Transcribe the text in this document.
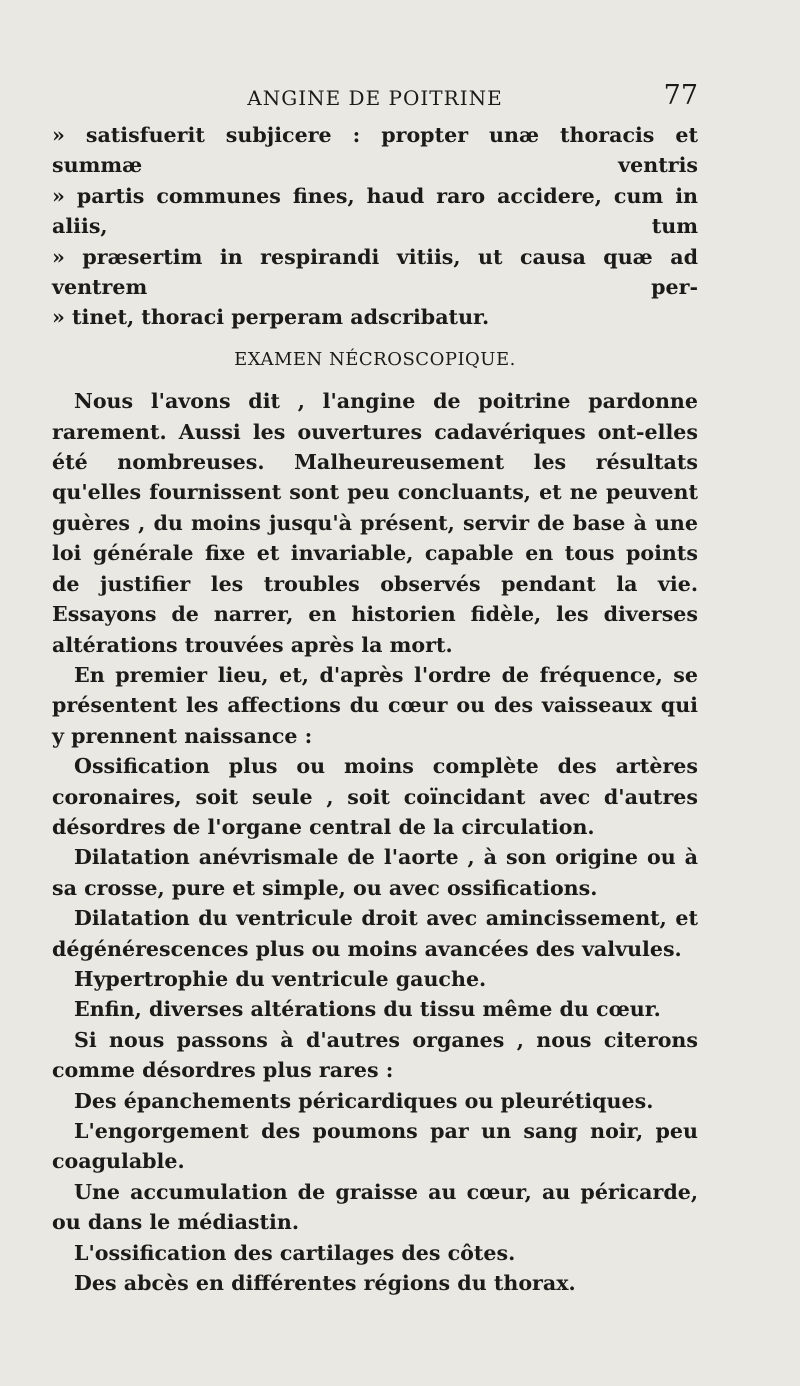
ANGINE DE POITRINE	77

» satisfuerit subjicere : propter unæ thoracis et summæ ventris

» partis communes fines, haud raro accidere, cum in aliis, tum

» præsertim in respirandi vitiis, ut causa quæ ad ventrem per-

» tinet, thoraci perperam adscribatur.

EXAMEN NÉCROSCOPIQUE.

Nous l'avons dit , l'angine de poitrine pardonne rarement. Aussi les ouvertures cadavériques ont-elles été nombreuses. Malheureusement les résultats qu'elles fournissent sont peu concluants, et ne peuvent guères , du moins jusqu'à présent, servir de base à une loi générale fixe et invariable, capable en tous points de justifier les troubles observés pendant la vie. Essayons de narrer, en historien fidèle, les diverses altérations trouvées après la mort.

En premier lieu, et, d'après l'ordre de fréquence, se présentent les affections du cœur ou des vaisseaux qui y prennent naissance :

Ossification plus ou moins complète des artères coronaires, soit seule , soit coïncidant avec d'autres désordres de l'organe central de la circulation.

Dilatation anévrismale de l'aorte , à son origine ou à sa crosse, pure et simple, ou avec ossifications.

Dilatation du ventricule droit avec amincissement, et dégénérescences plus ou moins avancées des valvules.

Hypertrophie du ventricule gauche.

Enfin, diverses altérations du tissu même du cœur.

Si nous passons à d'autres organes , nous citerons comme désordres plus rares :

Des épanchements péricardiques ou pleurétiques.

L'engorgement des poumons par un sang noir, peu coagulable.

Une accumulation de graisse au cœur, au péricarde, ou dans le médiastin.

L'ossification des cartilages des côtes.

Des abcès en différentes régions du thorax.
